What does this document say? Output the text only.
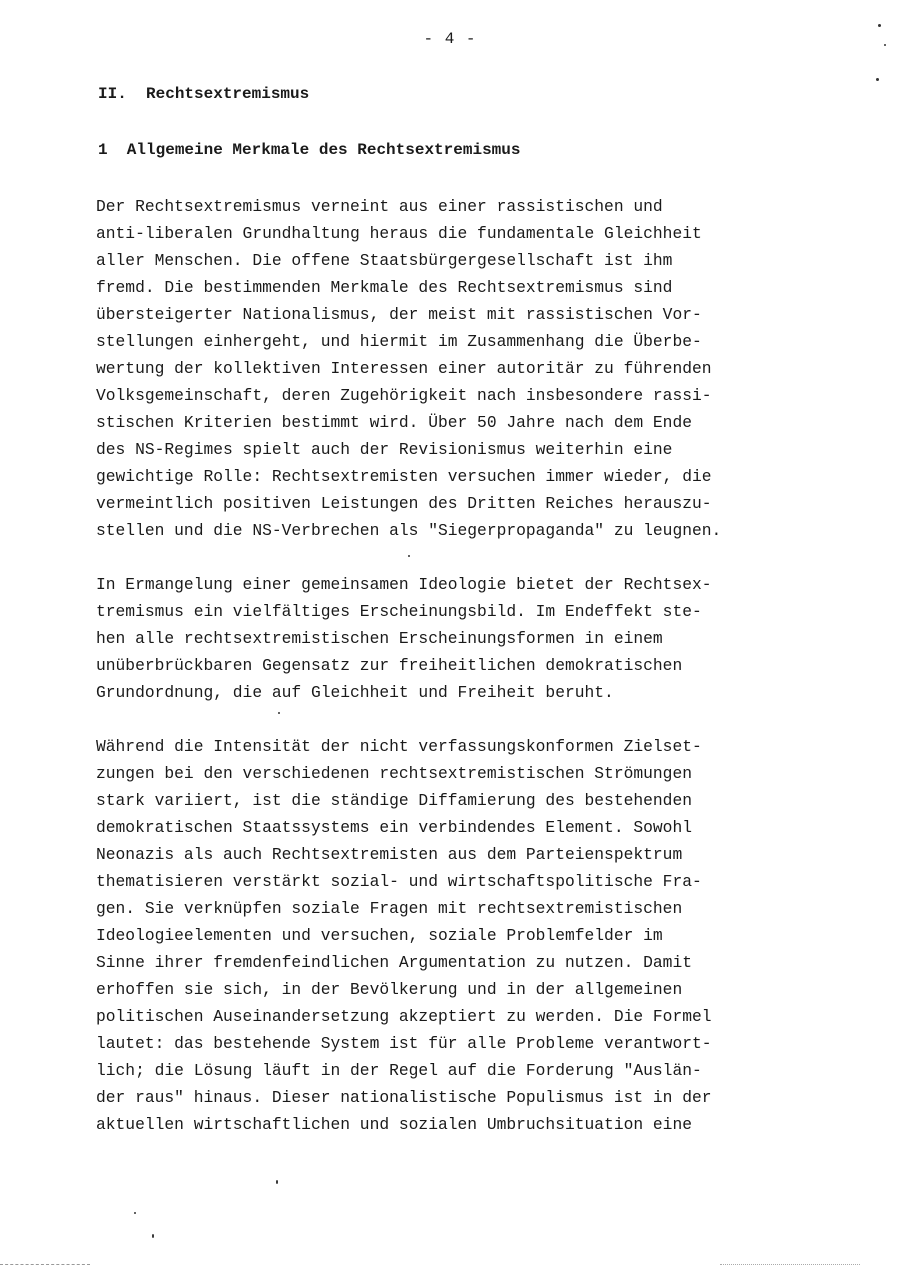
- 4 -
II.  Rechtsextremismus
1  Allgemeine Merkmale des Rechtsextremismus
Der Rechtsextremismus verneint aus einer rassistischen und
anti-liberalen Grundhaltung heraus die fundamentale Gleichheit
aller Menschen. Die offene Staatsbürgergesellschaft ist ihm
fremd. Die bestimmenden Merkmale des Rechtsextremismus sind
übersteigerter Nationalismus, der meist mit rassistischen Vor-
stellungen einhergeht, und hiermit im Zusammenhang die Überbe-
wertung der kollektiven Interessen einer autoritär zu führenden
Volksgemeinschaft, deren Zugehörigkeit nach insbesondere rassi-
stischen Kriterien bestimmt wird. Über 50 Jahre nach dem Ende
des NS-Regimes spielt auch der Revisionismus weiterhin eine
gewichtige Rolle: Rechtsextremisten versuchen immer wieder, die
vermeintlich positiven Leistungen des Dritten Reiches herauszu-
stellen und die NS-Verbrechen als "Siegerpropaganda" zu leugnen.
In Ermangelung einer gemeinsamen Ideologie bietet der Rechtsex-
tremismus ein vielfältiges Erscheinungsbild. Im Endeffekt ste-
hen alle rechtsextremistischen Erscheinungsformen in einem
unüberbrückbaren Gegensatz zur freiheitlichen demokratischen
Grundordnung, die auf Gleichheit und Freiheit beruht.
Während die Intensität der nicht verfassungskonformen Zielset-
zungen bei den verschiedenen rechtsextremistischen Strömungen
stark variiert, ist die ständige Diffamierung des bestehenden
demokratischen Staatssystems ein verbindendes Element. Sowohl
Neonazis als auch Rechtsextremisten aus dem Parteienspektrum
thematisieren verstärkt sozial- und wirtschaftspolitische Fra-
gen. Sie verknüpfen soziale Fragen mit rechtsextremistischen
Ideologieelementen und versuchen, soziale Problemfelder im
Sinne ihrer fremdenfeindlichen Argumentation zu nutzen. Damit
erhoffen sie sich, in der Bevölkerung und in der allgemeinen
politischen Auseinandersetzung akzeptiert zu werden. Die Formel
lautet: das bestehende System ist für alle Probleme verantwort-
lich; die Lösung läuft in der Regel auf die Forderung "Auslän-
der raus" hinaus. Dieser nationalistische Populismus ist in der
aktuellen wirtschaftlichen und sozialen Umbruchsituation eine
